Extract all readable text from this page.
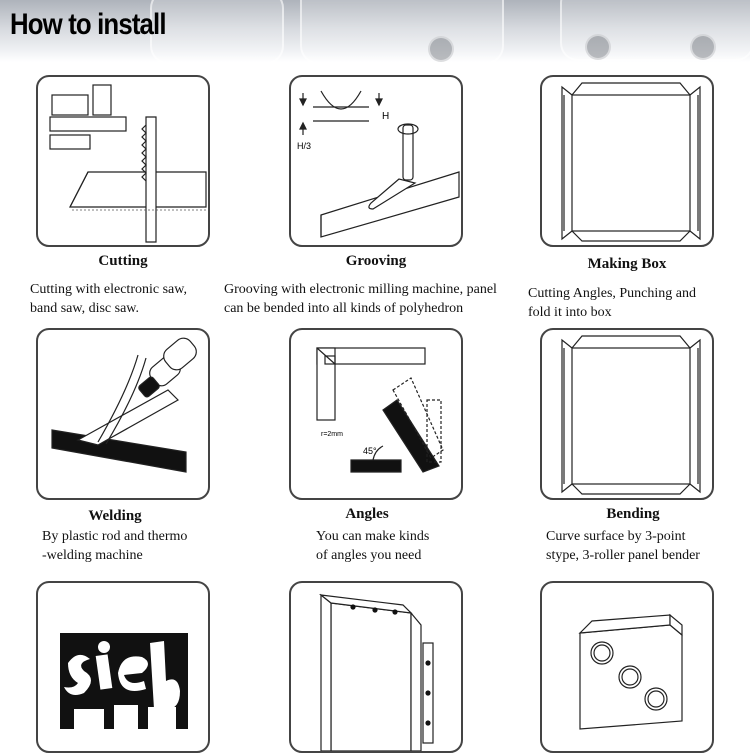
How to install
Cutting
Cutting with electronic saw,
band saw, disc saw.
H
H/3
Grooving
Grooving with electronic milling machine, panel
can be bended into all kinds of polyhedron
Making Box
Cutting Angles, Punching and
fold it into box
Welding
By plastic rod and thermo
-welding machine
r=2mm
45°
Angles
You can make kinds
of angles you need
Bending
Curve surface by 3-point
stype, 3-roller panel bender
